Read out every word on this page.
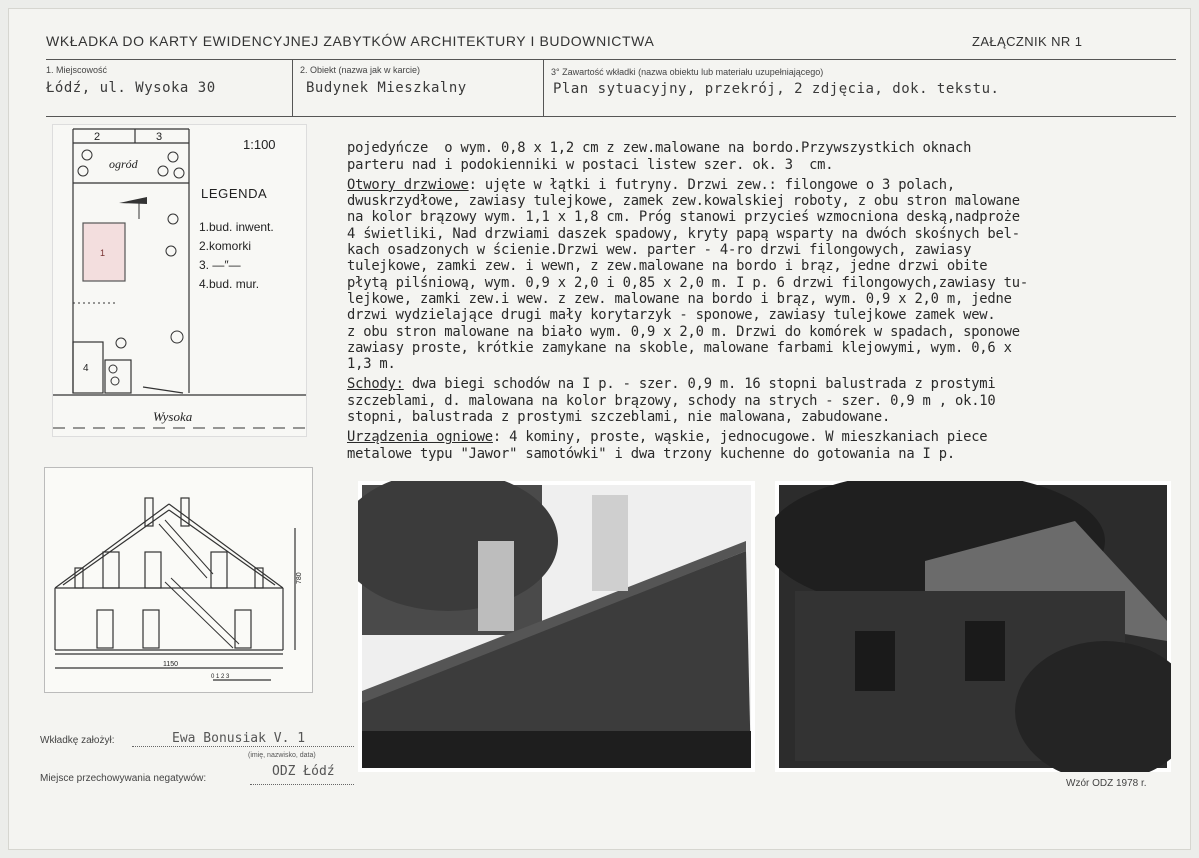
WKŁADKA DO KARTY EWIDENCYJNEJ ZABYTKÓW ARCHITEKTURY I BUDOWNICTWA	ZAŁĄCZNIK NR 1
1. Miejscowość
Łódź, ul. Wysoka 30
2. Obiekt (nazwa jak w karcie)
Budynek Mieszkalny
3° Zawartość wkładki (nazwa obiektu lub materiału uzupełniającego)
Plan sytuacyjny, przekrój, 2 zdjęcia, dok. tekstu.

pojedyńcze  o wym. 0,8 x 1,2 cm z zew.malowane na bordo.Przywszystkich oknach
parteru nad i podokienniki w postaci listew szer. ok. 3  cm.
Otwory drzwiowe: ujęte w łątki i futryny. Drzwi zew.: filongowe o 3 polach,
dwuskrzydłowe, zawiasy tulejkowe, zamek zew.kowalskiej roboty, z obu stron malowane
na kolor brązowy wym. 1,1 x 1,8 cm. Próg stanowi przycieś wzmocniona deską,nadproże
4 świetliki, Nad drzwiami daszek spadowy, kryty papą wsparty na dwóch skośnych bel-
kach osadzonych w ścienie.Drzwi wew. parter - 4-ro drzwi filongowych, zawiasy
tulejkowe, zamki zew. i wewn, z zew.malowane na bordo i brąz, jedne drzwi obite
płytą pilśniową, wym. 0,9 x 2,0 i 0,85 x 2,0 m. I p. 6 drzwi filongowych,zawiasy tu-
lejkowe, zamki zew.i wew. z zew. malowane na bordo i brąz, wym. 0,9 x 2,0 m, jedne
drzwi wydzielające drugi mały korytarzyk - sponowe, zawiasy tulejkowe zamek wew.
z obu stron malowane na biało wym. 0,9 x 2,0 m. Drzwi do komórek w spadach, sponowe
zawiasy proste, krótkie zamykane na skoble, malowane farbami klejowymi, wym. 0,6 x
1,3 m.
Schody: dwa biegi schodów na I p. - szer. 0,9 m. 16 stopni balustrada z prostymi
szczeblami, d. malowana na kolor brązowy, schody na strych - szer. 0,9 m , ok.10
stopni, balustrada z prostymi szczeblami, nie malowana, zabudowane.
Urządzenia ogniowe: 4 kominy, proste, wąskie, jednocugowe. W mieszkaniach piece
metalowe typu "Jawor" samotówki" i dwa trzony kuchenne do gotowania na I p.

2	3
1
4
ogród
1:100
LEGENDA
1.bud. inwent.
2.komorki
3. —″—
4.bud. mur.
Wysoka
780
1150
0 1 2 3
Wkładkę założył:	Ewa Bonusiak V. 1
(imię, nazwisko, data)
Miejsce przechowywania negatywów:	ODZ Łódź
Wzór ODZ 1978 r.
